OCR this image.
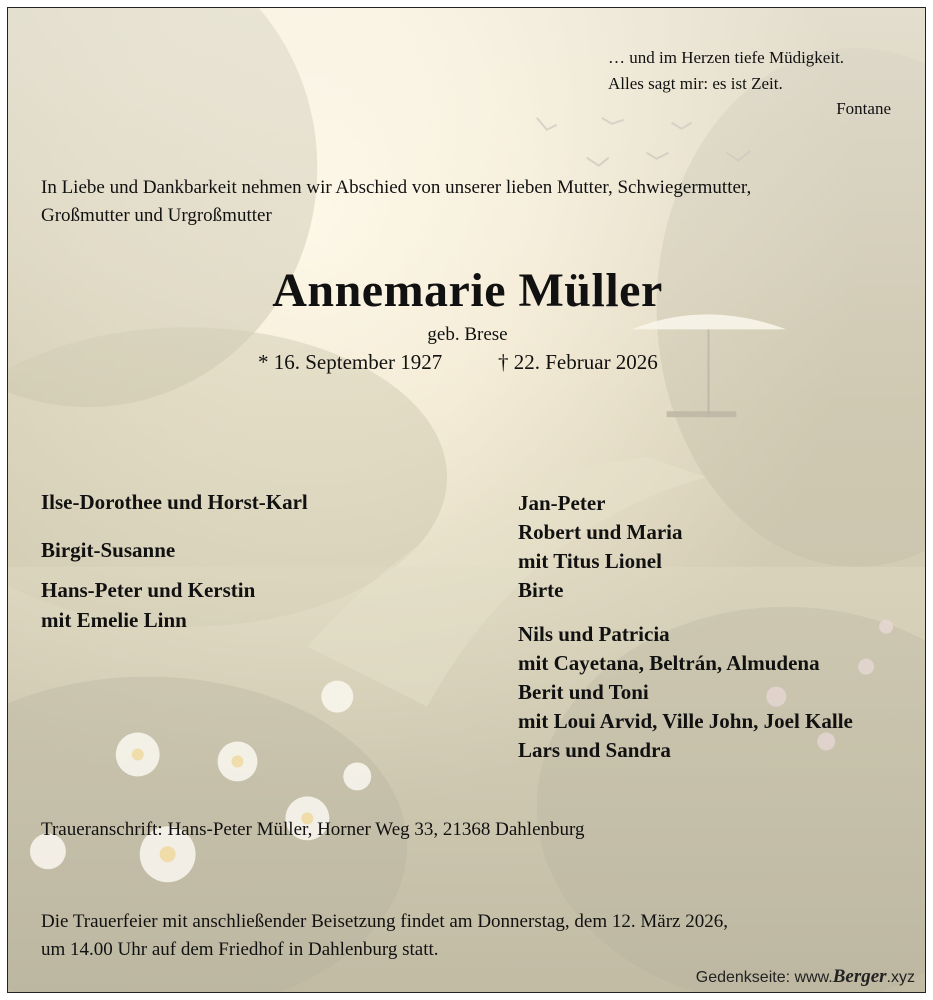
… und im Herzen tiefe Müdigkeit.
Alles sagt mir: es ist Zeit.
Fontane
In Liebe und Dankbarkeit nehmen wir Abschied von unserer lieben Mutter, Schwiegermutter,
Großmutter und Urgroßmutter
Annemarie Müller
geb. Brese
* 16. September 1927	† 22. Februar 2026
Ilse-Dorothee und Horst-Karl
Birgit-Susanne
Hans-Peter und Kerstin
mit Emelie Linn
Jan-Peter
Robert und Maria
mit Titus Lionel
Birte
Nils und Patricia
mit Cayetana, Beltrán, Almudena
Berit und Toni
mit Loui Arvid, Ville John, Joel Kalle
Lars und Sandra
Traueranschrift: Hans-Peter Müller, Horner Weg 33, 21368 Dahlenburg
Die Trauerfeier mit anschließender Beisetzung findet am Donnerstag, dem 12. März 2026,
um 14.00 Uhr auf dem Friedhof in Dahlenburg statt.
Gedenkseite: www.Berger.xyz
